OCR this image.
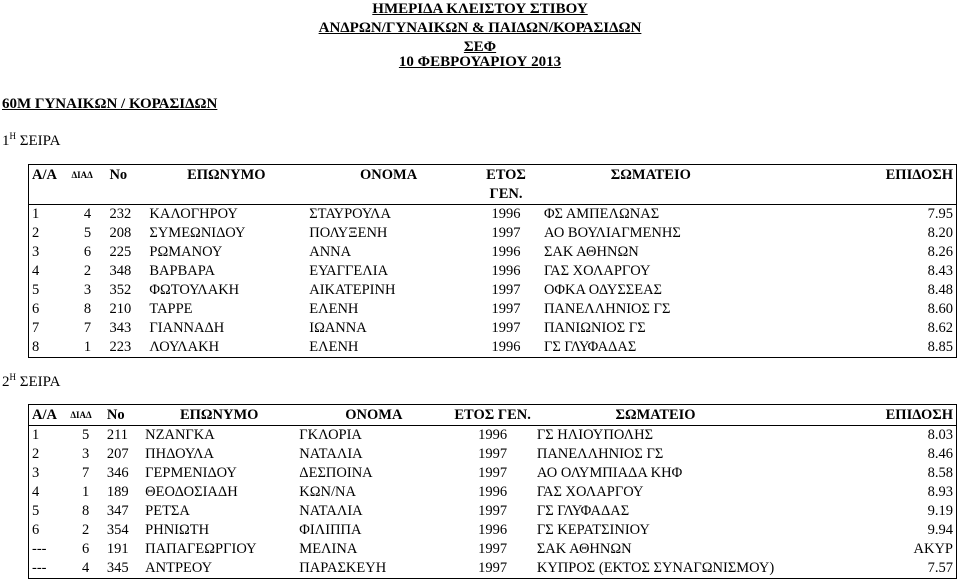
ΗΜΕΡΙΔΑ ΚΛΕΙΣΤΟΥ ΣΤΙΒΟΥ
ΑΝΔΡΩΝ/ΓΥΝΑΙΚΩΝ & ΠΑΙΔΩΝ/ΚΟΡΑΣΙΔΩΝ
ΣΕΦ
10 ΦΕΒΡΟΥΑΡΙΟΥ 2013
60Μ ΓΥΝΑΙΚΩΝ / ΚΟΡΑΣΙΔΩΝ
$1^H$ ΣΕΙΡΑ
Α/Α	ΔΙΑΔ	Νο	ΕΠΩΝΥΜΟ	ΟΝΟΜΑ	ΕΤΟΣ	ΣΩΜΑΤΕΙΟ	ΕΠΙΔΟΣΗ
					ΓΕΝ.		
1	4	232	ΚΑΛΟΓΗΡΟΥ	ΣΤΑΥΡΟΥΛΑ	1996	ΦΣ ΑΜΠΕΛΩΝΑΣ	7.95
2	5	208	ΣΥΜΕΩΝΙΔΟΥ	ΠΟΛΥΞΕΝΗ	1997	ΑΟ ΒΟΥΛΙΑΓΜΕΝΗΣ	8.20
3	6	225	ΡΩΜΑΝΟΥ	ΑΝΝΑ	1996	ΣΑΚ ΑΘΗΝΩΝ	8.26
4	2	348	ΒΑΡΒΑΡΑ	ΕΥΑΓΓΕΛΙΑ	1996	ΓΑΣ ΧΟΛΑΡΓΟΥ	8.43
5	3	352	ΦΩΤΟΥΛΑΚΗ	ΑΙΚΑΤΕΡΙΝΗ	1997	ΟΦΚΑ ΟΔΥΣΣΕΑΣ	8.48
6	8	210	ΤΑΡΡΕ	ΕΛΕΝΗ	1997	ΠΑΝΕΛΛΗΝΙΟΣ ΓΣ	8.60
7	7	343	ΓΙΑΝΝΑΔΗ	ΙΩΑΝΝΑ	1997	ΠΑΝΙΩΝΙΟΣ ΓΣ	8.62
8	1	223	ΛΟΥΛΑΚΗ	ΕΛΕΝΗ	1996	ΓΣ ΓΛΥΦΑΔΑΣ	8.85
$2^H$ ΣΕΙΡΑ
Α/Α	ΔΙΑΔ	Νο	ΕΠΩΝΥΜΟ	ΟΝΟΜΑ	ΕΤΟΣ ΓΕΝ.	ΣΩΜΑΤΕΙΟ	ΕΠΙΔΟΣΗ
1	5	211	ΝΖΑΝΓΚΑ	ΓΚΛΟΡΙΑ	1996	ΓΣ ΗΛΙΟΥΠΟΛΗΣ	8.03
2	3	207	ΠΗΔΟΥΛΑ	ΝΑΤΑΛΙΑ	1997	ΠΑΝΕΛΛΗΝΙΟΣ ΓΣ	8.46
3	7	346	ΓΕΡΜΕΝΙΔΟΥ	ΔΕΣΠΟΙΝΑ	1997	ΑΟ ΟΛΥΜΠΙΑΔΑ ΚΗΦ	8.58
4	1	189	ΘΕΟΔΟΣΙΑΔΗ	ΚΩΝ/ΝΑ	1996	ΓΑΣ ΧΟΛΑΡΓΟΥ	8.93
5	8	347	ΡΕΤΣΑ	ΝΑΤΑΛΙΑ	1997	ΓΣ ΓΛΥΦΑΔΑΣ	9.19
6	2	354	ΡΗΝΙΩΤΗ	ΦΙΛΙΠΠΑ	1996	ΓΣ ΚΕΡΑΤΣΙΝΙΟΥ	9.94
---	6	191	ΠΑΠΑΓΕΩΡΓΙΟΥ	ΜΕΛΙΝΑ	1997	ΣΑΚ ΑΘΗΝΩΝ	ΑΚΥΡ
---	4	345	ΑΝΤΡΕΟΥ	ΠΑΡΑΣΚΕΥΗ	1997	ΚΥΠΡΟΣ (ΕΚΤΟΣ ΣΥΝΑΓΩΝΙΣΜΟΥ)	7.57
